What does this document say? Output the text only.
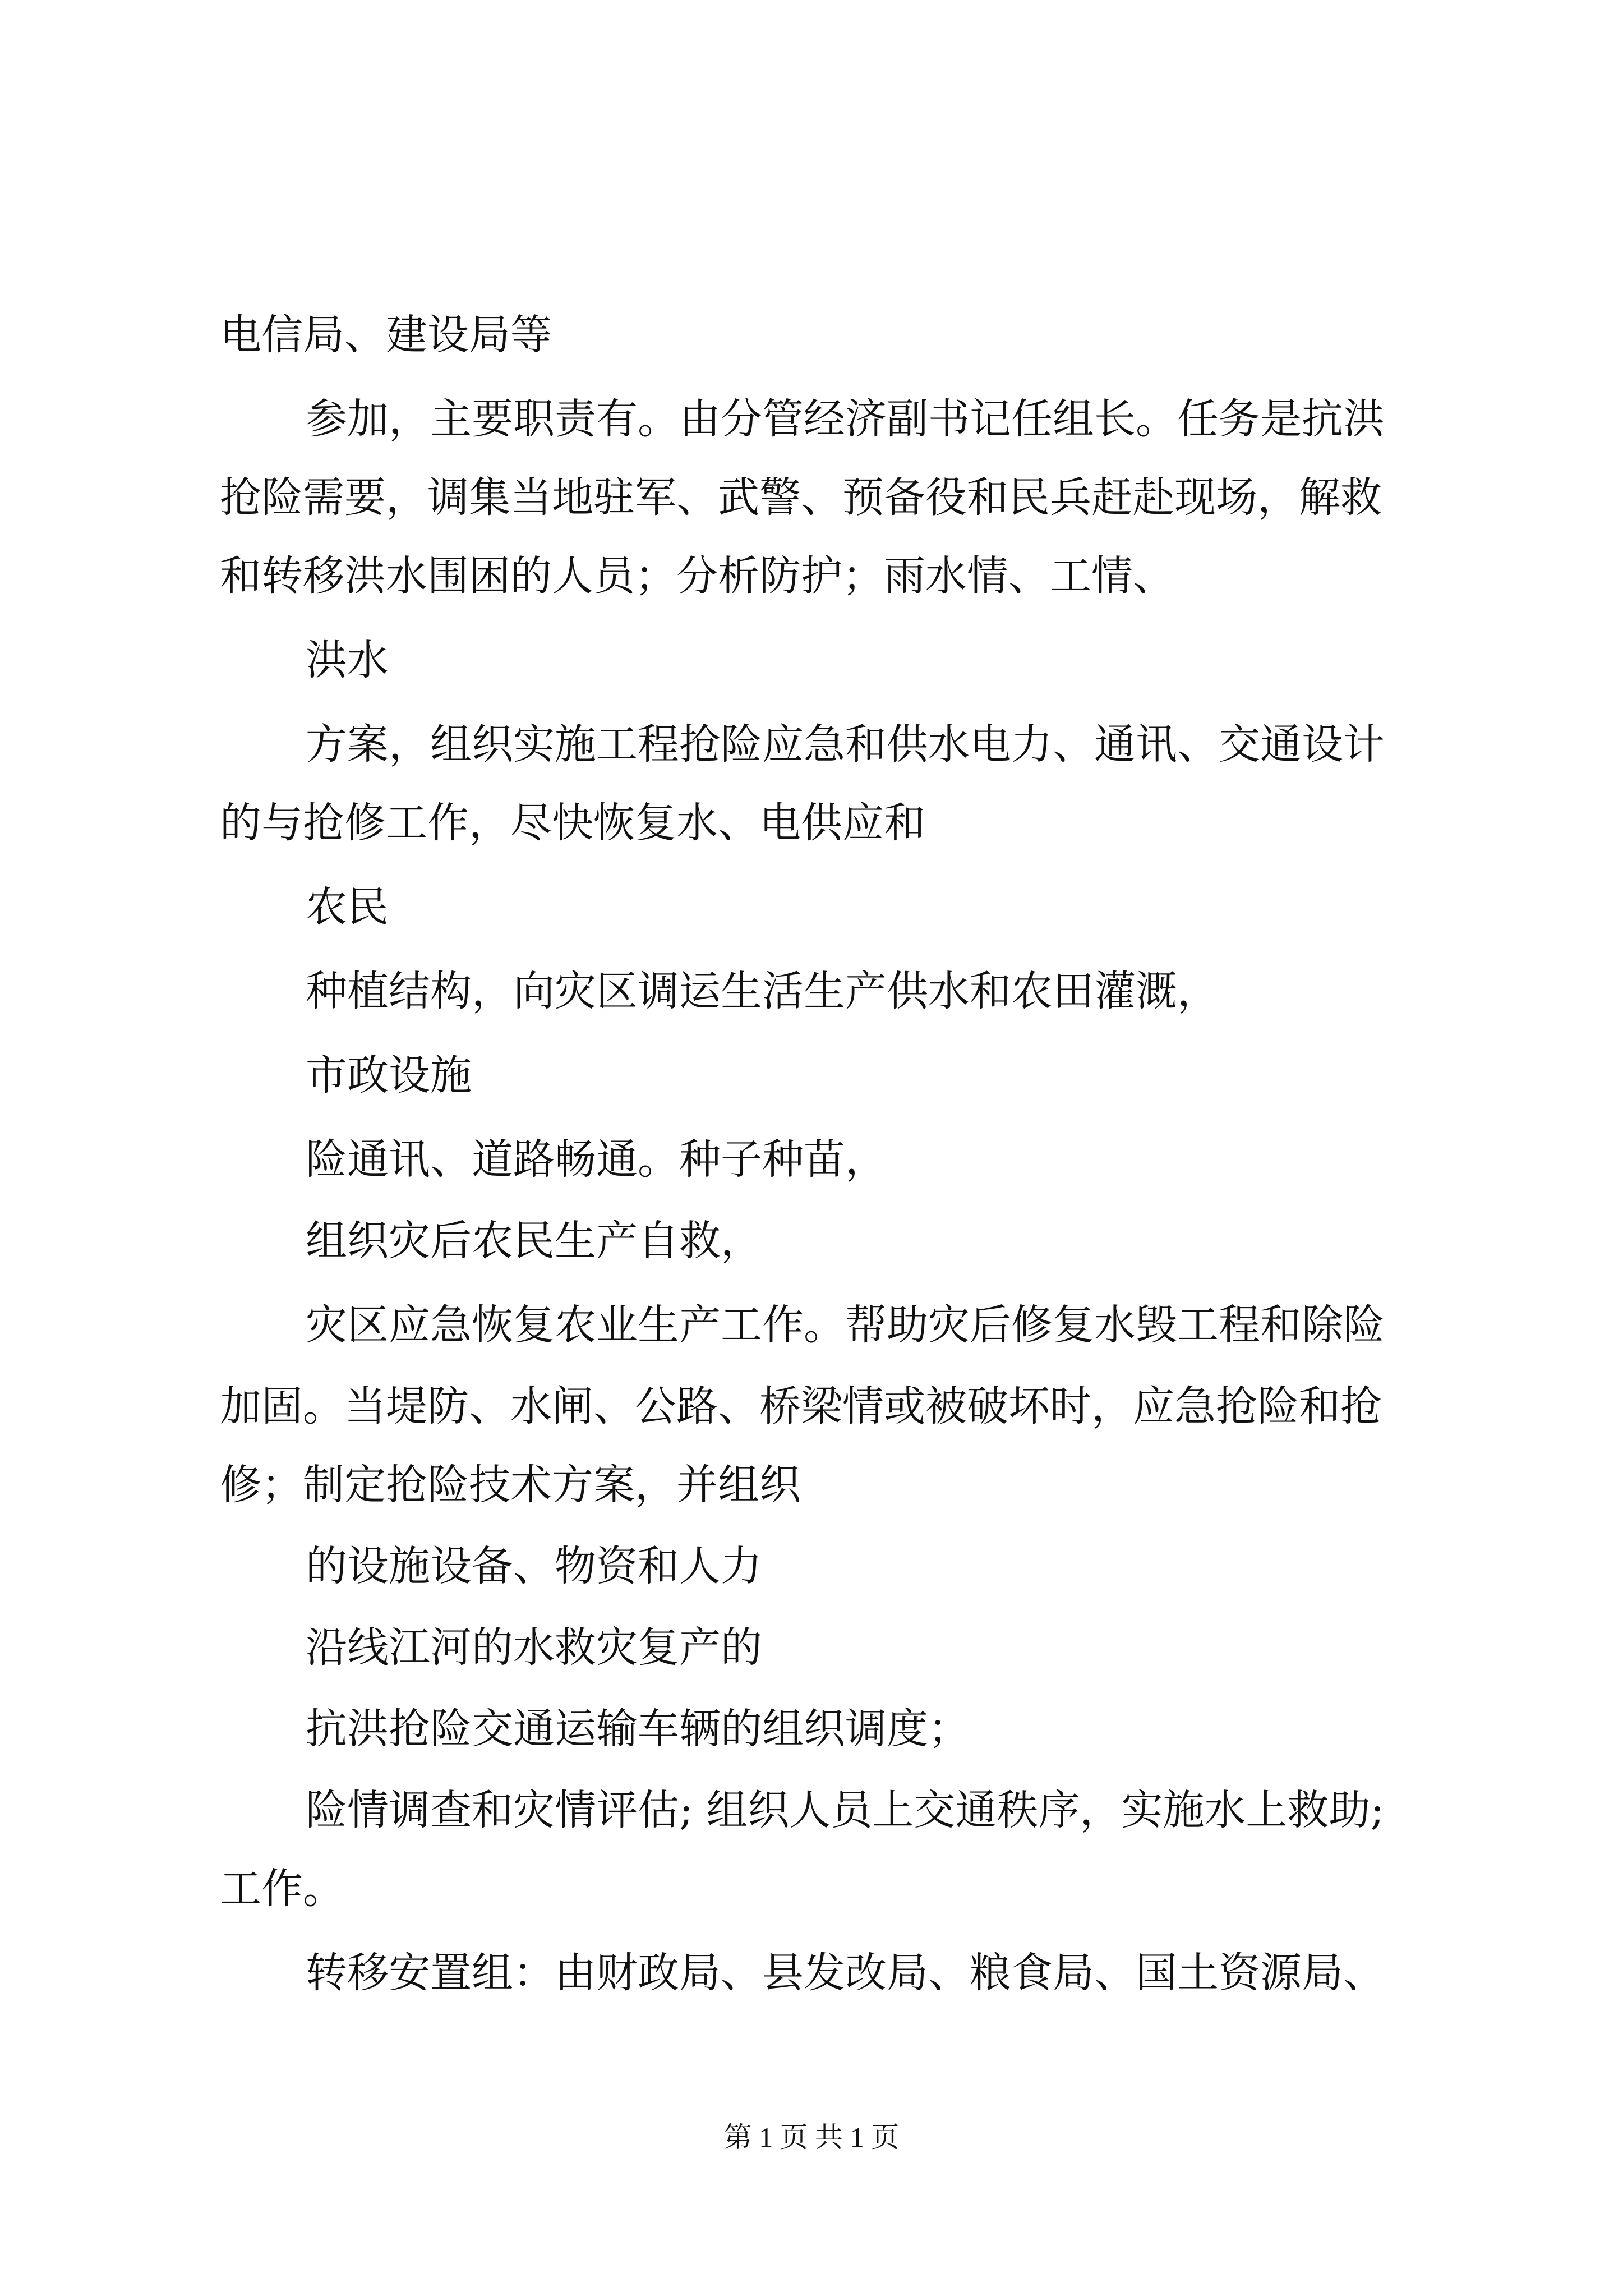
电信局、建设局等
参加，主要职责有。由分管经济副书记任组长。任务是抗洪
抢险需要，调集当地驻军、武警、预备役和民兵赶赴现场，解救
和转移洪水围困的人员；分析防护；雨水情、工情、
洪水
方案，组织实施工程抢险应急和供水电力、通讯、交通设计
的与抢修工作，尽快恢复水、电供应和
农民
种植结构，向灾区调运生活生产供水和农田灌溉，
市政设施
险通讯、道路畅通。种子种苗，
组织灾后农民生产自救，
灾区应急恢复农业生产工作。帮助灾后修复水毁工程和除险
加固。当堤防、水闸、公路、桥梁情或被破坏时，应急抢险和抢
修；制定抢险技术方案，并组织
的设施设备、物资和人力
沿线江河的水救灾复产的
抗洪抢险交通运输车辆的组织调度；
险情调查和灾情评估; 组织人员上交通秩序，实施水上救助;
工作。
转移安置组：由财政局、县发改局、粮食局、国土资源局、
第 1 页 共 1 页
